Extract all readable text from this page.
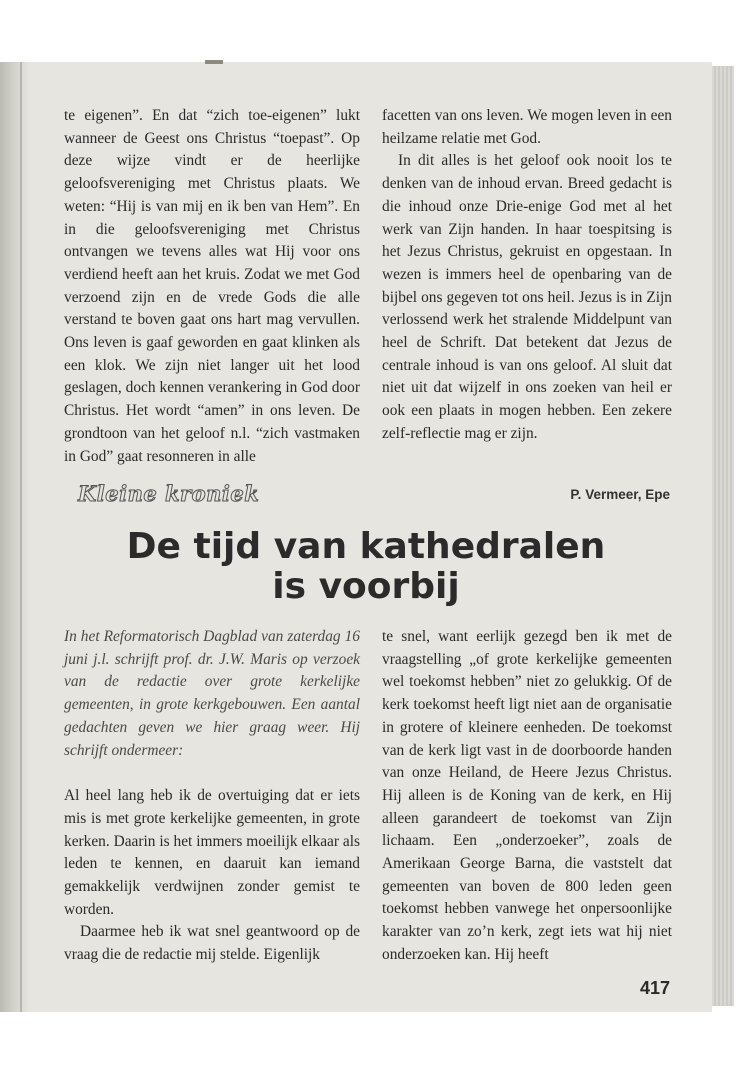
te eigenen”. En dat “zich toe-eigenen” lukt wanneer de Geest ons Christus “toepast”. Op deze wijze vindt er de heerlijke geloofsvereniging met Christus plaats. We weten: “Hij is van mij en ik ben van Hem”. En in die geloofsvereniging met Christus ontvangen we tevens alles wat Hij voor ons verdiend heeft aan het kruis. Zodat we met God verzoend zijn en de vrede Gods die alle verstand te boven gaat ons hart mag vervullen. Ons leven is gaaf geworden en gaat klinken als een klok. We zijn niet langer uit het lood geslagen, doch kennen verankering in God door Christus. Het wordt “amen” in ons leven. De grondtoon van het geloof n.l. “zich vastmaken in God” gaat resonneren in alle

facetten van ons leven. We mogen leven in een heilzame relatie met God.

In dit alles is het geloof ook nooit los te denken van de inhoud ervan. Breed gedacht is die inhoud onze Drie-enige God met al het werk van Zijn handen. In haar toespitsing is het Jezus Christus, gekruist en opgestaan. In wezen is immers heel de openbaring van de bijbel ons gegeven tot ons heil. Jezus is in Zijn verlossend werk het stralende Middelpunt van heel de Schrift. Dat betekent dat Jezus de centrale inhoud is van ons geloof. Al sluit dat niet uit dat wijzelf in ons zoeken van heil er ook een plaats in mogen hebben. Een zekere zelf-reflectie mag er zijn.

Kleine kroniek	P. Vermeer, Epe
De tijd van kathedralen
is voorbij

In het Reformatorisch Dagblad van zaterdag 16 juni j.l. schrijft prof. dr. J.W. Maris op verzoek van de redactie over grote kerkelijke gemeenten, in grote kerkgebouwen. Een aantal gedachten geven we hier graag weer. Hij schrijft ondermeer:

Al heel lang heb ik de overtuiging dat er iets mis is met grote kerkelijke gemeenten, in grote kerken. Daarin is het immers moeilijk elkaar als leden te kennen, en daaruit kan iemand gemakkelijk verdwijnen zonder gemist te worden.

Daarmee heb ik wat snel geantwoord op de vraag die de redactie mij stelde. Eigenlijk

te snel, want eerlijk gezegd ben ik met de vraagstelling „of grote kerkelijke gemeenten wel toekomst hebben” niet zo gelukkig. Of de kerk toekomst heeft ligt niet aan de organisatie in grotere of kleinere eenheden. De toekomst van de kerk ligt vast in de doorboorde handen van onze Heiland, de Heere Jezus Christus. Hij alleen is de Koning van de kerk, en Hij alleen garandeert de toekomst van Zijn lichaam. Een „onderzoeker”, zoals de Amerikaan George Barna, die vaststelt dat gemeenten van boven de 800 leden geen toekomst hebben vanwege het onpersoonlijke karakter van zo’n kerk, zegt iets wat hij niet onderzoeken kan. Hij heeft

417
